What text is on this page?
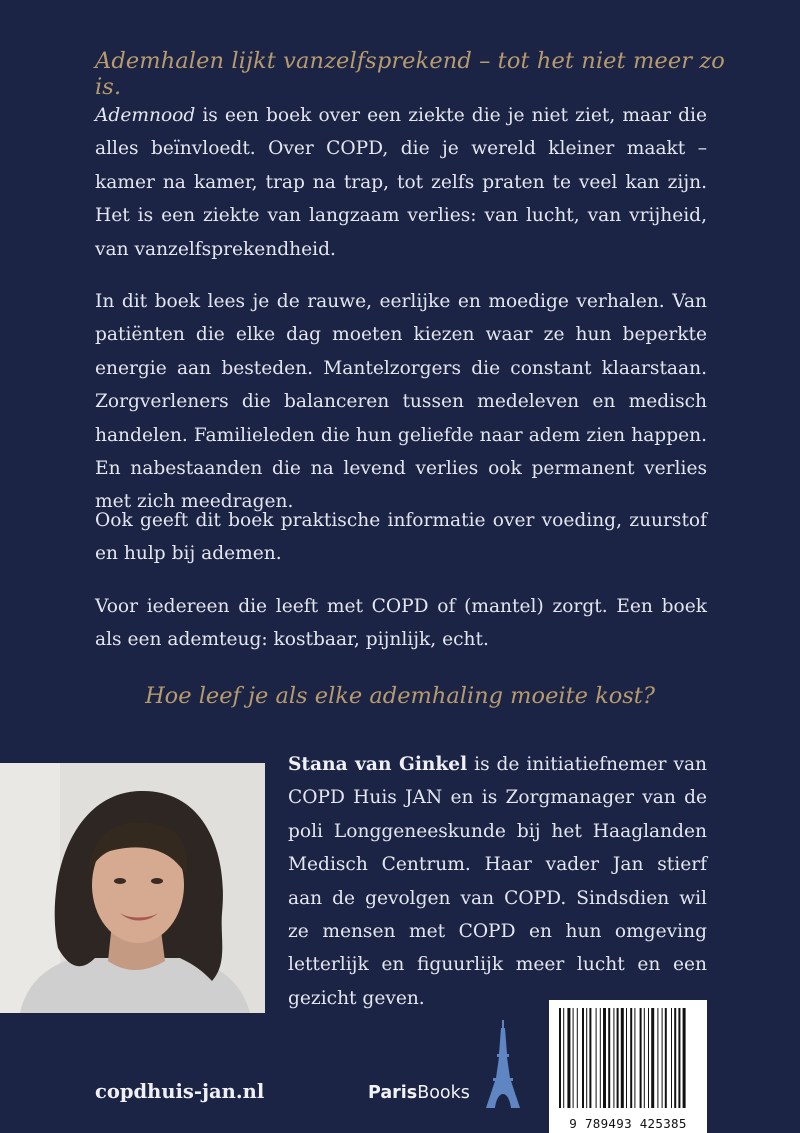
Ademhalen lijkt vanzelfsprekend – tot het niet meer zo is.

Ademnood is een boek over een ziekte die je niet ziet, maar die alles beïnvloedt. Over COPD, die je wereld kleiner maakt – kamer na kamer, trap na trap, tot zelfs praten te veel kan zijn. Het is een ziekte van langzaam verlies: van lucht, van vrijheid, van vanzelfsprekendheid.

In dit boek lees je de rauwe, eerlijke en moedige verhalen. Van patiënten die elke dag moeten kiezen waar ze hun beperkte energie aan besteden. Mantelzorgers die constant klaarstaan. Zorgverleners die balanceren tussen medeleven en medisch handelen. Familieleden die hun geliefde naar adem zien happen. En nabestaanden die na levend verlies ook permanent verlies met zich meedragen.

Ook geeft dit boek praktische informatie over voeding, zuurstof en hulp bij ademen.

Voor iedereen die leeft met COPD of (mantel) zorgt. Een boek als een ademteug: kostbaar, pijnlijk, echt.

Hoe leef je als elke ademhaling moeite kost?

Stana van Ginkel is de initiatiefnemer van COPD Huis JAN en is Zorgmanager van de poli Longgeneeskunde bij het Haaglanden Medisch Centrum. Haar vader Jan stierf aan de gevolgen van COPD. Sindsdien wil ze mensen met COPD en hun omgeving letterlijk en figuurlijk meer lucht en een gezicht geven.

copdhuis-jan.nl	ParisBooks
9 789493 425385
